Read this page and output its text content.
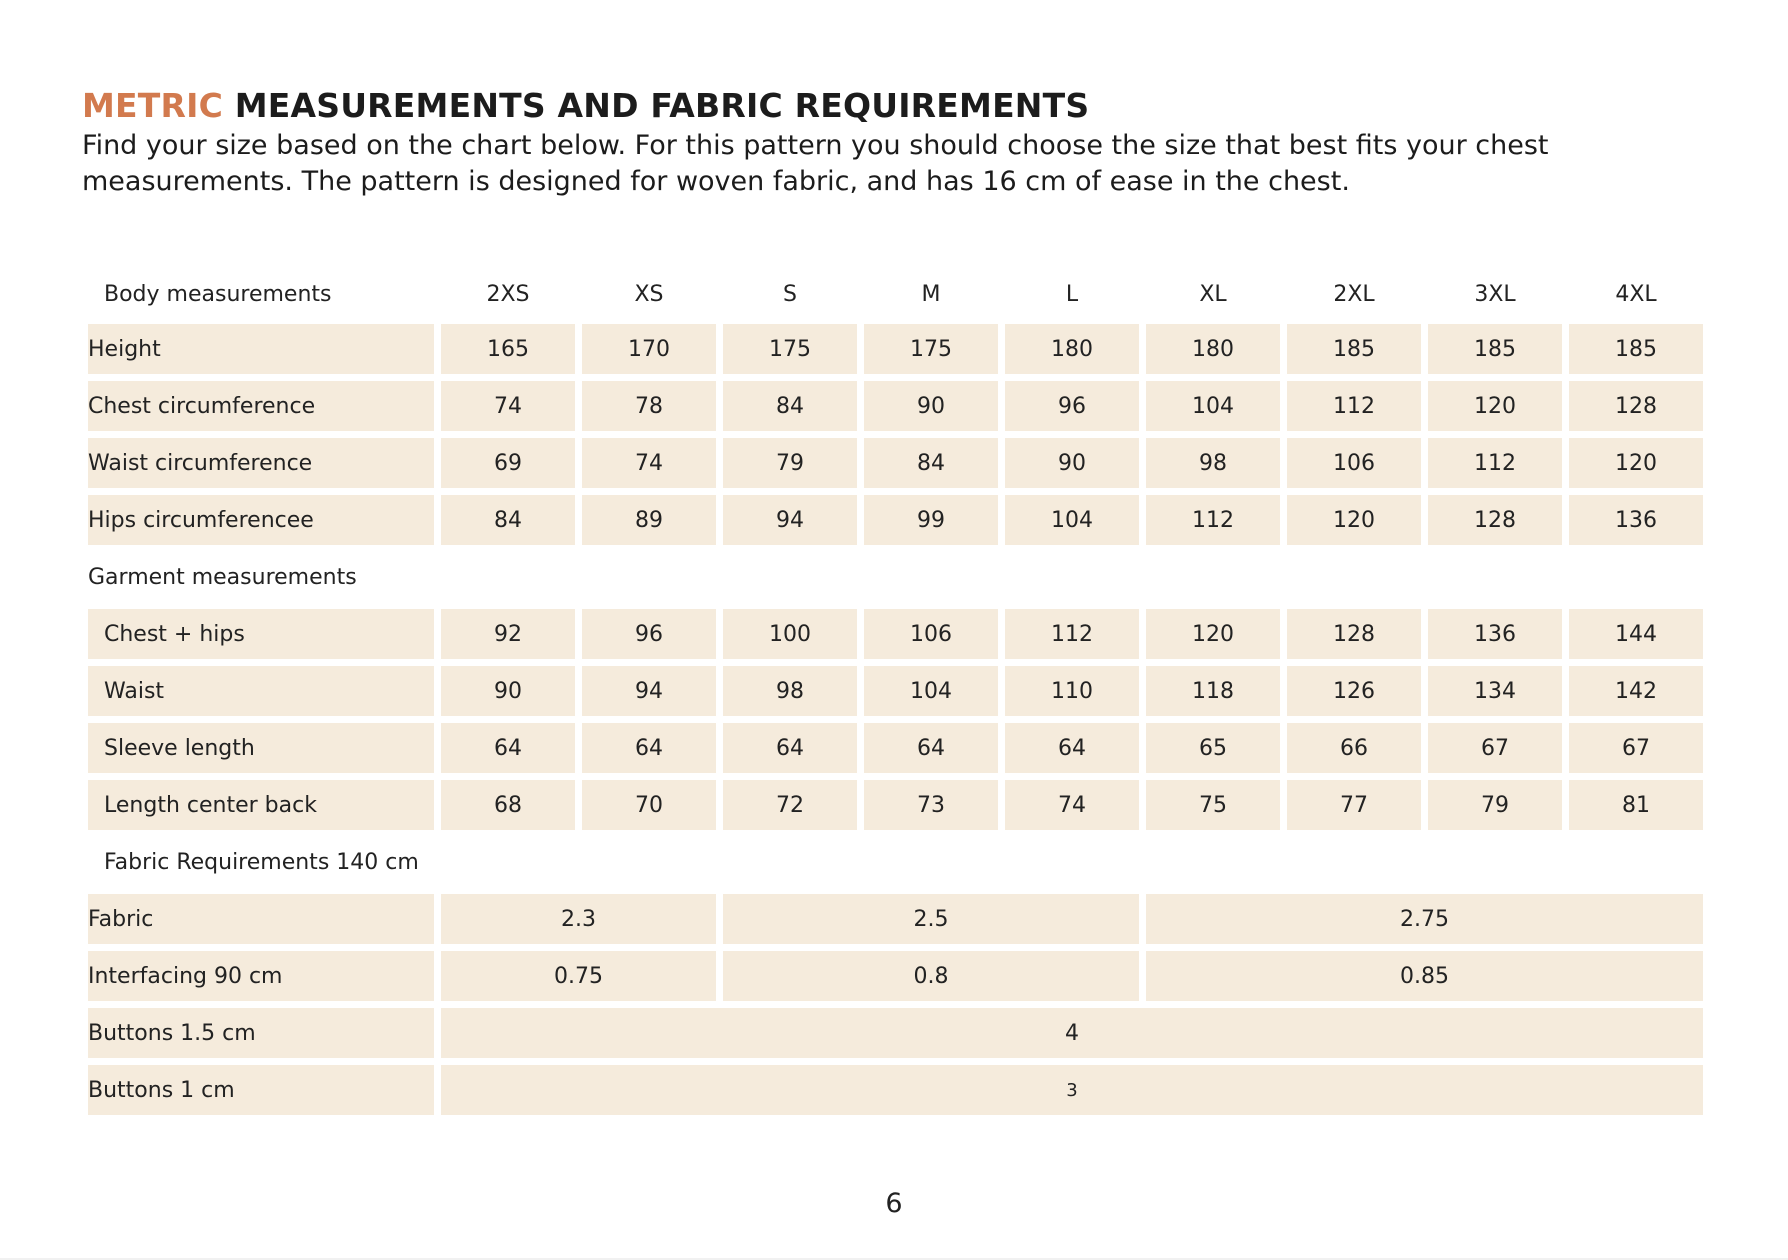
METRIC MEASUREMENTS AND FABRIC REQUIREMENTS

Find your size based on the chart below. For this pattern you should choose the size that best fits your chest measurements. The pattern is designed for woven fabric, and has 16 cm of ease in the chest.

Body measurements	2XS	XS	S	M	L	XL	2XL	3XL	4XL
Height	165	170	175	175	180	180	185	185	185
Chest circumference	74	78	84	90	96	104	112	120	128
Waist circumference	69	74	79	84	90	98	106	112	120
Hips circumferencee	84	89	94	99	104	112	120	128	136
Garment measurements									
Chest + hips	92	96	100	106	112	120	128	136	144
Waist	90	94	98	104	110	118	126	134	142
Sleeve length	64	64	64	64	64	65	66	67	67
Length center back	68	70	72	73	74	75	77	79	81
Fabric Requirements 140 cm									
Fabric	2.3		2.5			2.75			
Interfacing 90 cm	0.75		0.8			0.85			
Buttons 1.5 cm	4								
Buttons 1 cm	3								
6
